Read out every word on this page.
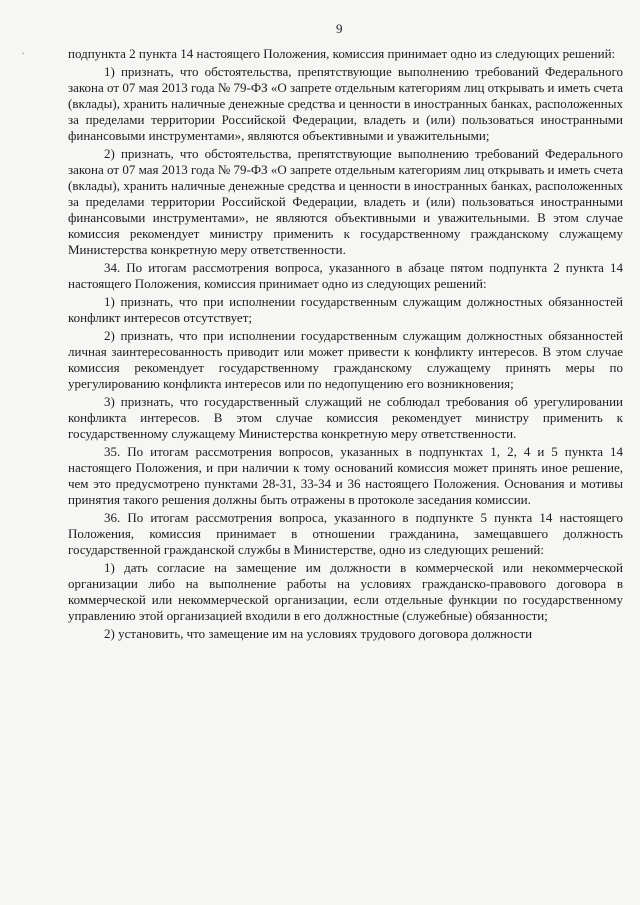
.
9

подпункта 2 пункта 14 настоящего Положения, комиссия принимает одно из следующих решений:

1) признать, что обстоятельства, препятствующие выполнению требований Федерального закона от 07 мая 2013 года № 79-ФЗ «О запрете отдельным категориям лиц открывать и иметь счета (вклады), хранить наличные денежные средства и ценности в иностранных банках, расположенных за пределами территории Российской Федерации, владеть и (или) пользоваться иностранными финансовыми инструментами», являются объективными и уважительными;

2) признать, что обстоятельства, препятствующие выполнению требований Федерального закона от 07 мая 2013 года № 79-ФЗ «О запрете отдельным категориям лиц открывать и иметь счета (вклады), хранить наличные денежные средства и ценности в иностранных банках, расположенных за пределами территории Российской Федерации, владеть и (или) пользоваться иностранными финансовыми инструментами», не являются объективными и уважительными. В этом случае комиссия рекомендует министру применить к государственному гражданскому служащему Министерства конкретную меру ответственности.

34. По итогам рассмотрения вопроса, указанного в абзаце пятом подпункта 2 пункта 14 настоящего Положения, комиссия принимает одно из следующих решений:

1) признать, что при исполнении государственным служащим должностных обязанностей конфликт интересов отсутствует;

2) признать, что при исполнении государственным служащим должностных обязанностей личная заинтересованность приводит или может привести к конфликту интересов. В этом случае комиссия рекомендует государственному гражданскому служащему принять меры по урегулированию конфликта интересов или по недопущению его возникновения;

3) признать, что государственный служащий не соблюдал требования об урегулировании конфликта интересов. В этом случае комиссия рекомендует министру применить к государственному служащему Министерства конкретную меру ответственности.

35. По итогам рассмотрения вопросов, указанных в подпунктах 1, 2, 4 и 5 пункта 14 настоящего Положения, и при наличии к тому оснований комиссия может принять иное решение, чем это предусмотрено пунктами 28-31, 33-34 и 36 настоящего Положения. Основания и мотивы принятия такого решения должны быть отражены в протоколе заседания комиссии.

36. По итогам рассмотрения вопроса, указанного в подпункте 5 пункта 14 настоящего Положения, комиссия принимает в отношении гражданина, замещавшего должность государственной гражданской службы в Министерстве, одно из следующих решений:

1) дать согласие на замещение им должности в коммерческой или некоммерческой организации либо на выполнение работы на условиях гражданско-правового договора в коммерческой или некоммерческой организации, если отдельные функции по государственному управлению этой организацией входили в его должностные (служебные) обязанности;

2) установить, что замещение им на условиях трудового договора должности
